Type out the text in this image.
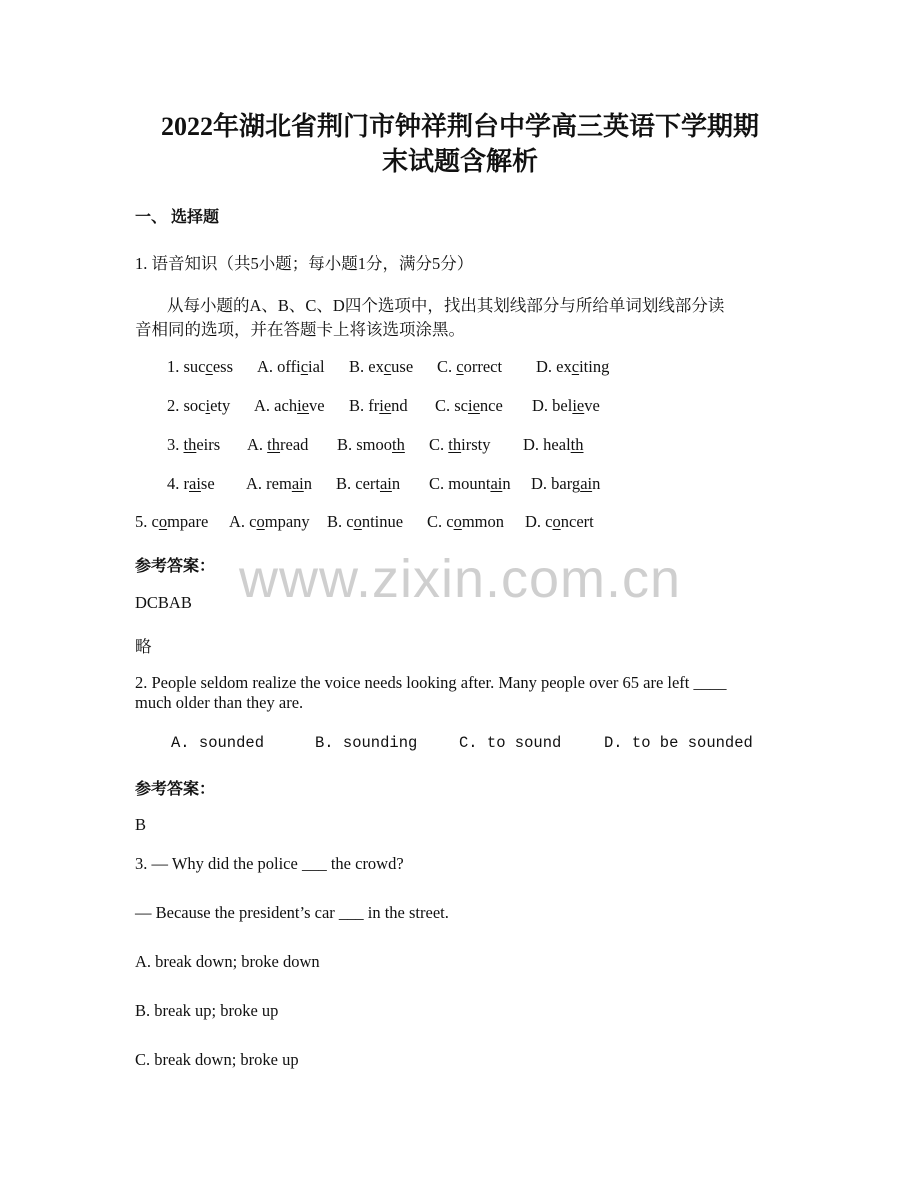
2022年湖北省荆门市钟祥荆台中学高三英语下学期期
末试题含解析
一、 选择题
1. 语音知识（共5小题；每小题1分，满分5分）
从每小题的A、B、C、D四个选项中，找出其划线部分与所给单词划线部分读
音相同的选项，并在答题卡上将该选项涂黑。
1. success A. official B. excuse C. correct D. exciting
2. society A. achieve B. friend C. science D. believe
3. theirs A. thread B. smooth C. thirsty D. health
4. raise A. remain B. certain C. mountain D. bargain
5. compare A. company B. continue C. common D. concert
www.zixin.com.cn
参考答案：
DCBAB
略
2. People seldom realize the voice needs looking after. Many people over 65 are left ____
much older than they are.
A. sounded	B. sounding	C. to sound	D. to be sounded
参考答案：
B
3. — Why did the police ___ the crowd?
— Because the president’s car ___ in the street.
A. break down; broke down
B. break up; broke up
C. break down; broke up
